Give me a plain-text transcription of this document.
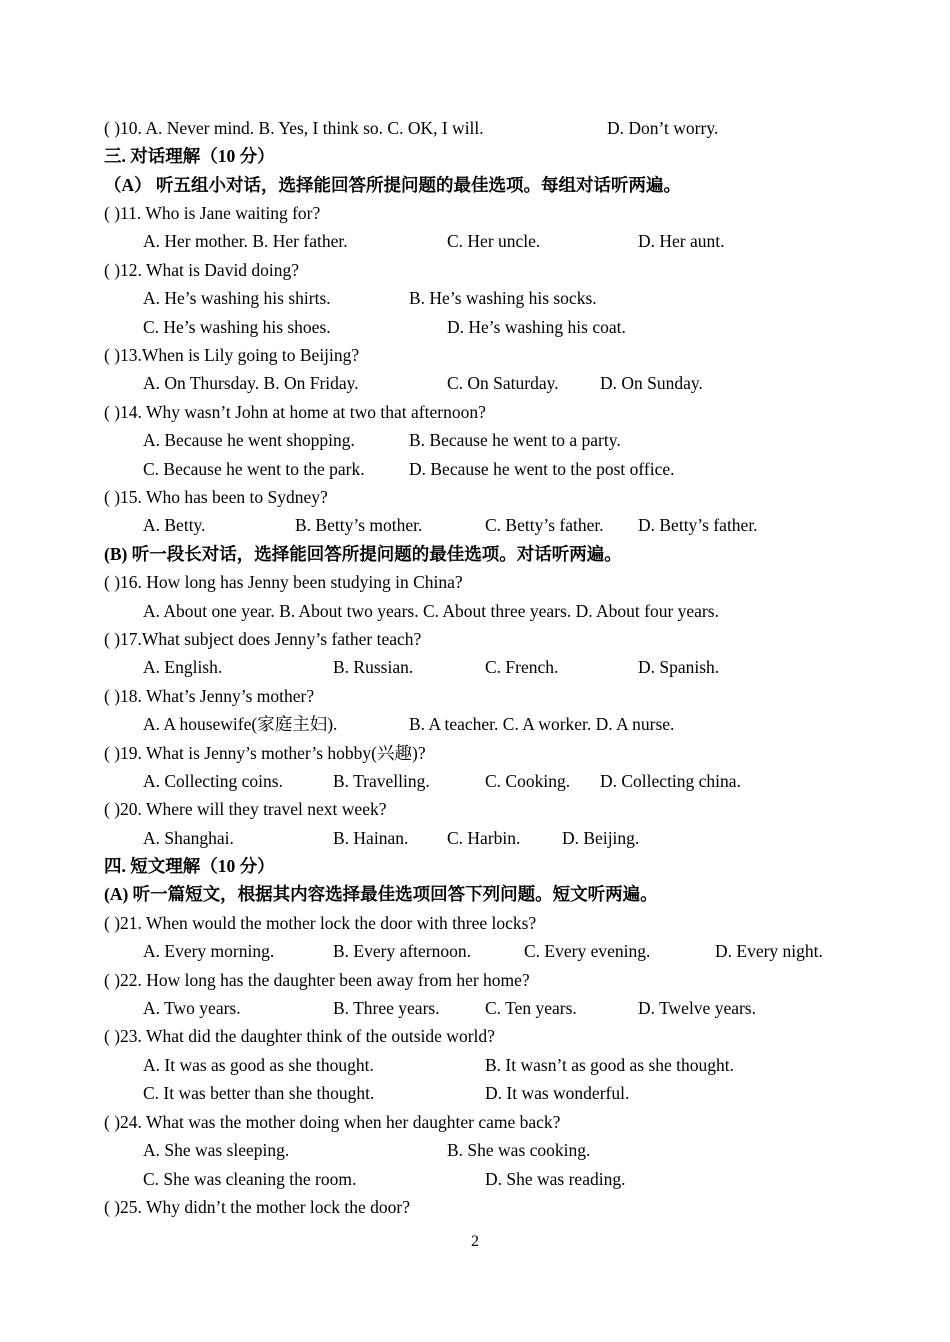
( )10. A. Never mind. B. Yes, I think so. C. OK, I will.	D. Don’t worry.
三. 对话理解（10 分）
（A） 听五组小对话，选择能回答所提问题的最佳选项。每组对话听两遍。
( )11. Who is Jane waiting for?
A. Her mother. B. Her father.	C. Her uncle.	D. Her aunt.
( )12. What is David doing?
A. He’s washing his shirts.	B. He’s washing his socks.
C. He’s washing his shoes.	D. He’s washing his coat.
( )13.When is Lily going to Beijing?
A. On Thursday. B. On Friday.	C. On Saturday. D. On Sunday.
( )14. Why wasn’t John at home at two that afternoon?
A. Because he went shopping.	B. Because he went to a party.
C. Because he went to the park.	D. Because he went to the post office.
( )15. Who has been to Sydney?
A. Betty.	B. Betty’s mother.	C. Betty’s father. D. Betty’s father.
(B) 听一段长对话，选择能回答所提问题的最佳选项。对话听两遍。
( )16. How long has Jenny been studying in China?
A. About one year. B. About two years. C. About three years. D. About four years.
( )17.What subject does Jenny’s father teach?
A. English.	B. Russian.	C. French.	D. Spanish.
( )18. What’s Jenny’s mother?
A. A housewife(家庭主妇).	B. A teacher. C. A worker. D. A nurse.
( )19. What is Jenny’s mother’s hobby(兴趣)?
A. Collecting coins.	B. Travelling.	C. Cooking. D. Collecting china.
( )20. Where will they travel next week?
A. Shanghai.	B. Hainan. C. Harbin. D. Beijing.
四. 短文理解（10 分）
(A) 听一篇短文，根据其内容选择最佳选项回答下列问题。短文听两遍。
( )21. When would the mother lock the door with three locks?
A. Every morning.	B. Every afternoon.	C. Every evening.	D. Every night.
( )22. How long has the daughter been away from her home?
A. Two years.	B. Three years.	C. Ten years.	D. Twelve years.
( )23. What did the daughter think of the outside world?
A. It was as good as she thought.	B. It wasn’t as good as she thought.
C. It was better than she thought.	D. It was wonderful.
( )24. What was the mother doing when her daughter came back?
A. She was sleeping.	B. She was cooking.
C. She was cleaning the room.	D. She was reading.
( )25. Why didn’t the mother lock the door?
2
